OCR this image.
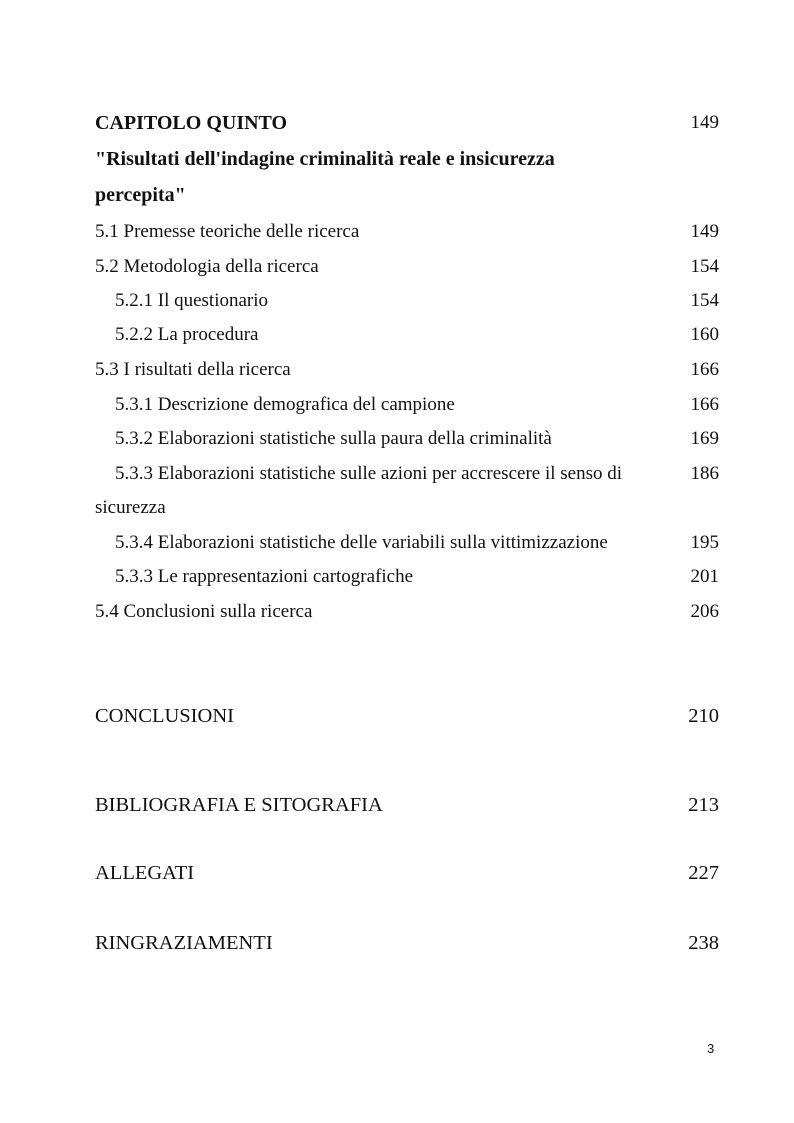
CAPITOLO QUINTO	149
"Risultati dell'indagine criminalità reale e insicurezza
percepita"
5.1 Premesse teoriche delle ricerca	149
5.2 Metodologia della ricerca	154
5.2.1 Il questionario	154
5.2.2 La procedura	160
5.3 I risultati della ricerca	166
5.3.1 Descrizione demografica del campione	166
5.3.2 Elaborazioni statistiche sulla paura della criminalità	169
5.3.3 Elaborazioni statistiche sulle azioni per accrescere il senso di	186
sicurezza
5.3.4 Elaborazioni statistiche delle variabili sulla vittimizzazione	195
5.3.3 Le rappresentazioni cartografiche	201
5.4 Conclusioni sulla ricerca	206
CONCLUSIONI	210
BIBLIOGRAFIA E SITOGRAFIA	213
ALLEGATI	227
RINGRAZIAMENTI	238
3
